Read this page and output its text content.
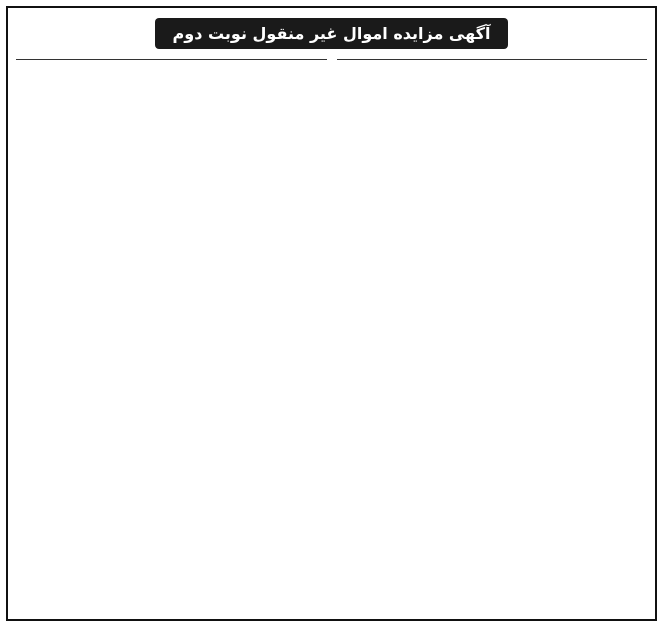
آگهی مزایده اموال غیر منقول نوبت دوم
